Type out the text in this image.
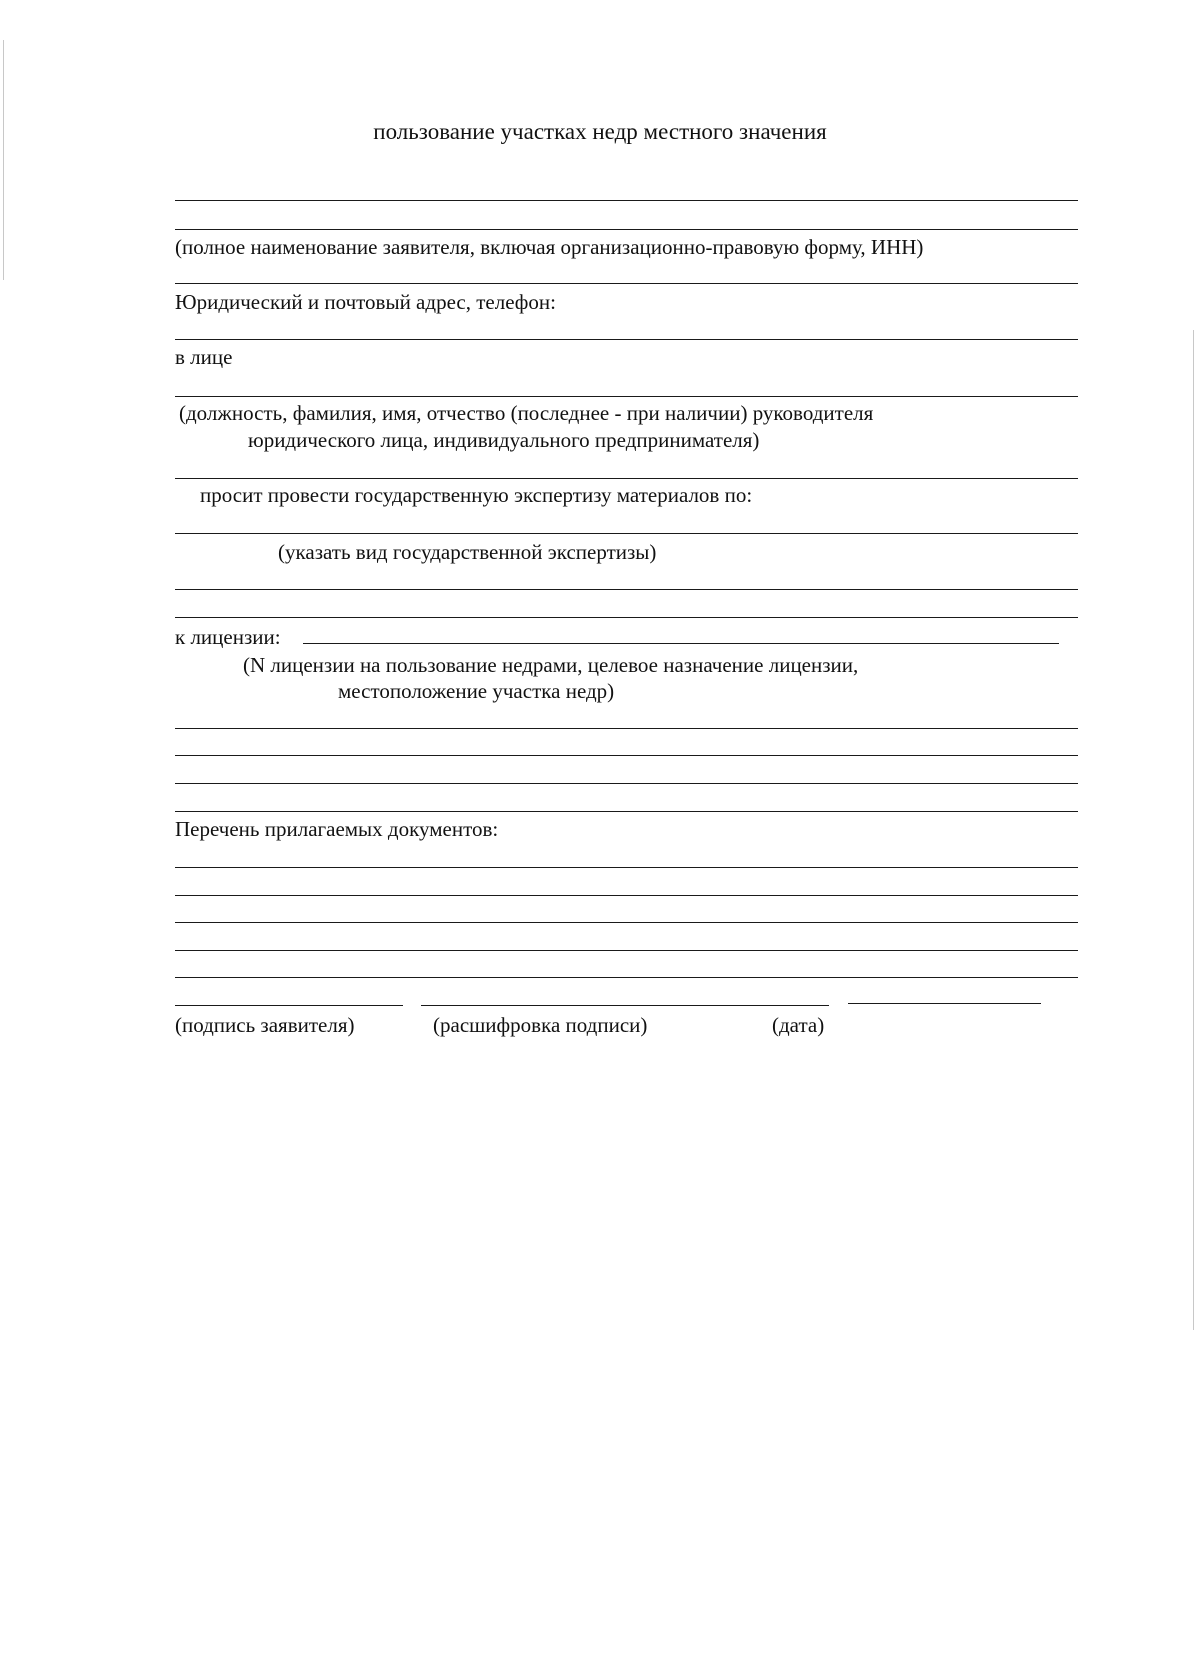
пользование участках недр местного значения
(полное наименование заявителя, включая организационно-правовую форму, ИНН)
Юридический и почтовый адрес, телефон:
в лице
(должность, фамилия, имя, отчество (последнее - при наличии) руководителя
юридического лица, индивидуального предпринимателя)
просит провести государственную экспертизу материалов по:
(указать вид государственной экспертизы)
к лицензии:
(N лицензии на пользование недрами, целевое назначение лицензии,
местоположение участка недр)
Перечень прилагаемых документов:
(подпись заявителя)	(расшифровка подписи)	(дата)
